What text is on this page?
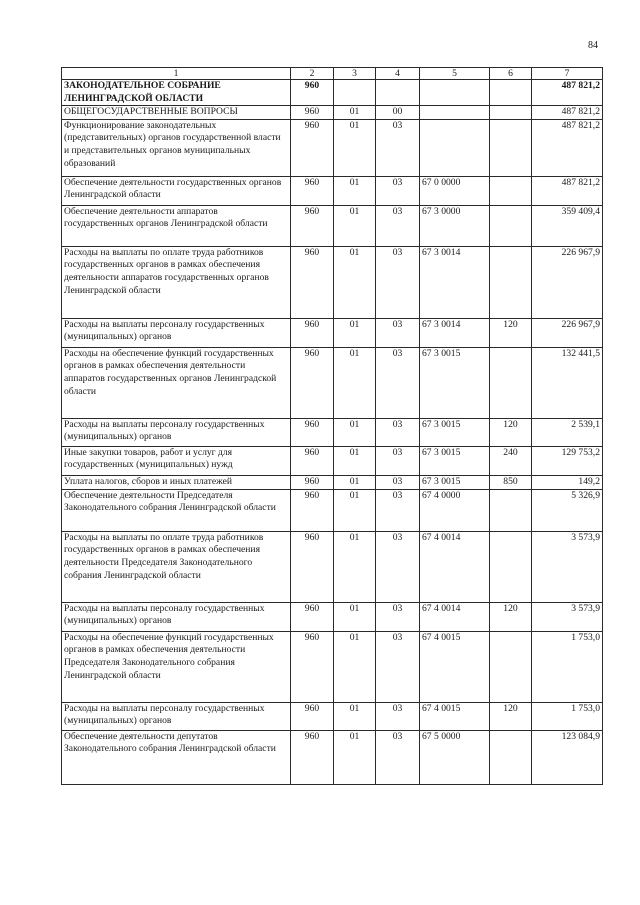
84
1	2	3	4	5	6	7
ЗАКОНОДАТЕЛЬНОЕ СОБРАНИЕ ЛЕНИНГРАДСКОЙ ОБЛАСТИ	960					487 821,2
ОБЩЕГОСУДАРСТВЕННЫЕ ВОПРОСЫ	960	01	00			487 821,2
Функционирование законодательных (представительных) органов государственной власти и представительных органов муниципальных образований	960	01	03			487 821,2
Обеспечение деятельности государственных органов Ленинградской области	960	01	03	67 0 0000		487 821,2
Обеспечение деятельности аппаратов государственных органов Ленинградской области	960	01	03	67 3 0000		359 409,4
Расходы на выплаты по оплате труда работников государственных органов в рамках обеспечения деятельности аппаратов государственных органов Ленинградской области	960	01	03	67 3 0014		226 967,9
Расходы на выплаты персоналу государственных (муниципальных) органов	960	01	03	67 3 0014	120	226 967,9
Расходы на обеспечение функций государственных органов в рамках обеспечения деятельности аппаратов государственных органов Ленинградской области	960	01	03	67 3 0015		132 441,5
Расходы на выплаты персоналу государственных (муниципальных) органов	960	01	03	67 3 0015	120	2 539,1
Иные закупки товаров, работ и услуг для государственных (муниципальных) нужд	960	01	03	67 3 0015	240	129 753,2
Уплата налогов, сборов и иных платежей	960	01	03	67 3 0015	850	149,2
Обеспечение деятельности Председателя Законодательного собрания Ленинградской области	960	01	03	67 4 0000		5 326,9
Расходы на выплаты по оплате труда работников государственных органов в рамках обеспечения деятельности Председателя Законодательного собрания Ленинградской области	960	01	03	67 4 0014		3 573,9
Расходы на выплаты персоналу государственных (муниципальных) органов	960	01	03	67 4 0014	120	3 573,9
Расходы на обеспечение функций государственных органов в рамках обеспечения деятельности Председателя Законодательного собрания Ленинградской области	960	01	03	67 4 0015		1 753,0
Расходы на выплаты персоналу государственных (муниципальных) органов	960	01	03	67 4 0015	120	1 753,0
Обеспечение деятельности депутатов Законодательного собрания Ленинградской области	960	01	03	67 5 0000		123 084,9
